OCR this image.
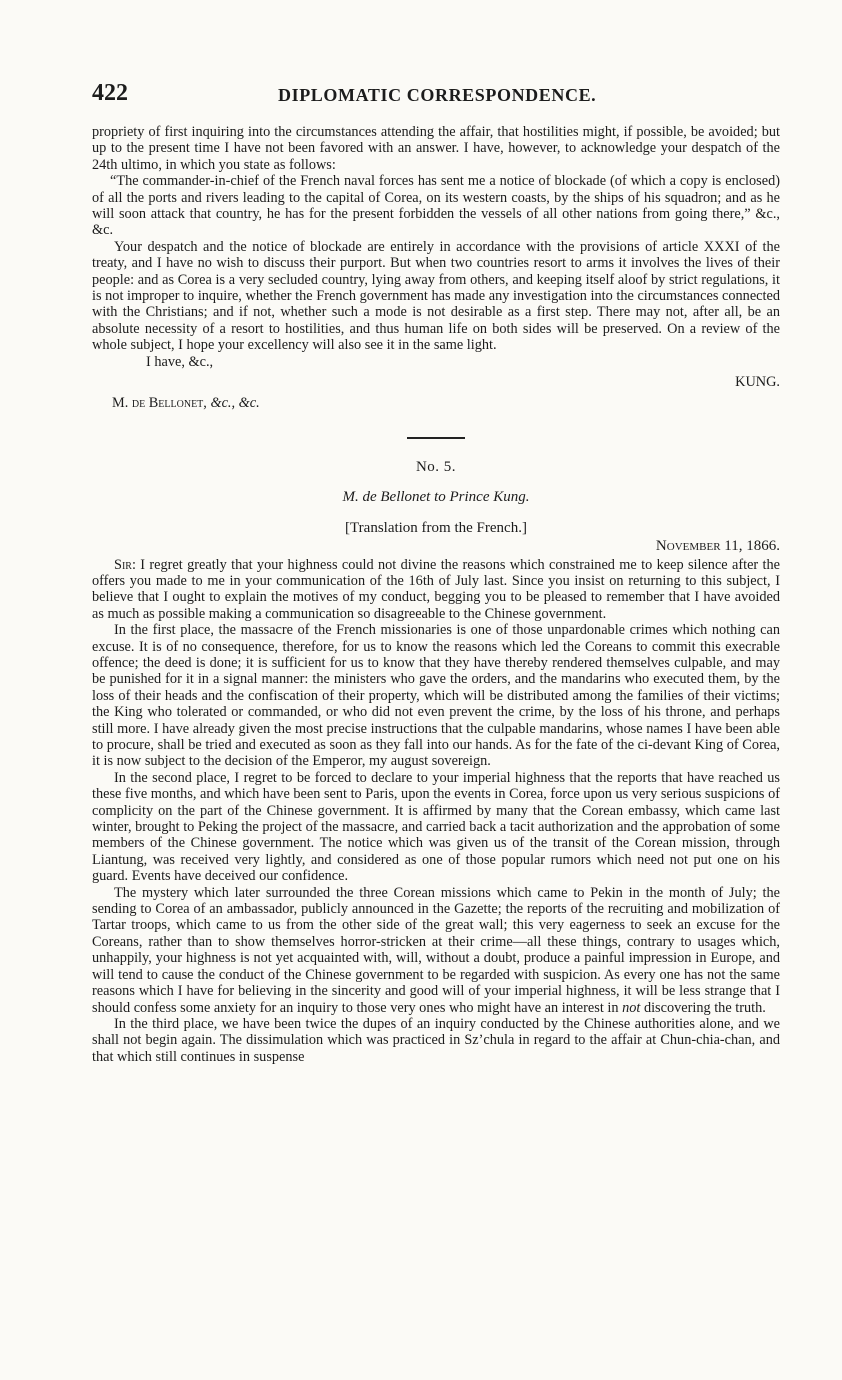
422	DIPLOMATIC CORRESPONDENCE.

propriety of first inquiring into the circumstances attending the affair, that hostilities might, if possible, be avoided; but up to the present time I have not been favored with an answer. I have, however, to acknowledge your despatch of the 24th ultimo, in which you state as follows:

“The commander-in-chief of the French naval forces has sent me a notice of blockade (of which a copy is enclosed) of all the ports and rivers leading to the capital of Corea, on its western coasts, by the ships of his squadron; and as he will soon attack that country, he has for the present forbidden the vessels of all other nations from going there,” &c., &c.

Your despatch and the notice of blockade are entirely in accordance with the provisions of article XXXI of the treaty, and I have no wish to discuss their purport. But when two countries resort to arms it involves the lives of their people: and as Corea is a very secluded country, lying away from others, and keeping itself aloof by strict regulations, it is not improper to inquire, whether the French government has made any investigation into the circumstances connected with the Christians; and if not, whether such a mode is not desirable as a first step. There may not, after all, be an absolute necessity of a resort to hostilities, and thus human life on both sides will be preserved. On a review of the whole subject, I hope your excellency will also see it in the same light.

I have, &c.,

KUNG.

M. de Bellonet, &c., &c.

No. 5.

M. de Bellonet to Prince Kung.

[Translation from the French.]

November 11, 1866.

Sir: I regret greatly that your highness could not divine the reasons which constrained me to keep silence after the offers you made to me in your communication of the 16th of July last. Since you insist on returning to this subject, I believe that I ought to explain the motives of my conduct, begging you to be pleased to remember that I have avoided as much as possible making a communication so disagreeable to the Chinese government.

In the first place, the massacre of the French missionaries is one of those unpardonable crimes which nothing can excuse. It is of no consequence, therefore, for us to know the reasons which led the Coreans to commit this execrable offence; the deed is done; it is sufficient for us to know that they have thereby rendered themselves culpable, and may be punished for it in a signal manner: the ministers who gave the orders, and the mandarins who executed them, by the loss of their heads and the confiscation of their property, which will be distributed among the families of their victims; the King who tolerated or commanded, or who did not even prevent the crime, by the loss of his throne, and perhaps still more. I have already given the most precise instructions that the culpable mandarins, whose names I have been able to procure, shall be tried and executed as soon as they fall into our hands. As for the fate of the ci-devant King of Corea, it is now subject to the decision of the Emperor, my august sovereign.

In the second place, I regret to be forced to declare to your imperial highness that the reports that have reached us these five months, and which have been sent to Paris, upon the events in Corea, force upon us very serious suspicions of complicity on the part of the Chinese government. It is affirmed by many that the Corean embassy, which came last winter, brought to Peking the project of the massacre, and carried back a tacit authorization and the approbation of some members of the Chinese government. The notice which was given us of the transit of the Corean mission, through Liantung, was received very lightly, and considered as one of those popular rumors which need not put one on his guard. Events have deceived our confidence.

The mystery which later surrounded the three Corean missions which came to Pekin in the month of July; the sending to Corea of an ambassador, publicly announced in the Gazette; the reports of the recruiting and mobilization of Tartar troops, which came to us from the other side of the great wall; this very eagerness to seek an excuse for the Coreans, rather than to show themselves horror-stricken at their crime—all these things, contrary to usages which, unhappily, your highness is not yet acquainted with, will, without a doubt, produce a painful impression in Europe, and will tend to cause the conduct of the Chinese government to be regarded with suspicion. As every one has not the same reasons which I have for believing in the sincerity and good will of your imperial highness, it will be less strange that I should confess some anxiety for an inquiry to those very ones who might have an interest in not discovering the truth.

In the third place, we have been twice the dupes of an inquiry conducted by the Chinese authorities alone, and we shall not begin again. The dissimulation which was practiced in Sz’chula in regard to the affair at Chun-chia-chan, and that which still continues in suspense
